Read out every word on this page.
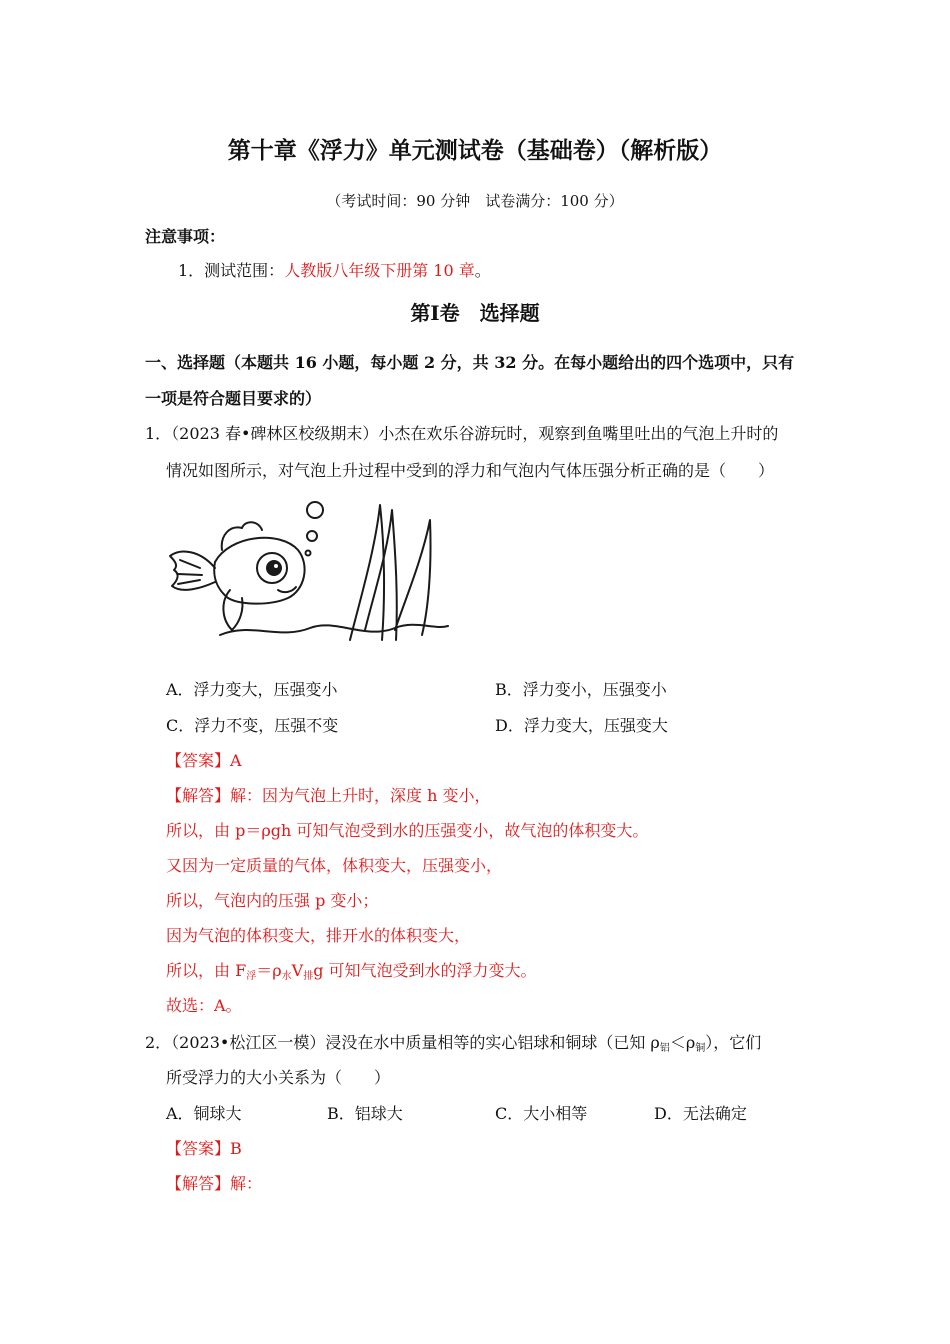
第十章《浮力》单元测试卷（基础卷）（解析版）
（考试时间：90 分钟　试卷满分：100 分）
注意事项：
1．测试范围：人教版八年级下册第 10 章。
第Ⅰ卷　选择题
一、选择题（本题共 16 小题，每小题 2 分，共 32 分。在每小题给出的四个选项中，只有
一项是符合题目要求的）
1．（2023 春•碑林区校级期末）小杰在欢乐谷游玩时，观察到鱼嘴里吐出的气泡上升时的
情况如图所示，对气泡上升过程中受到的浮力和气泡内气体压强分析正确的是（　　）
A．浮力变大，压强变小	B．浮力变小，压强变小
C．浮力不变，压强不变	D．浮力变大，压强变大
【答案】A
【解答】解：因为气泡上升时，深度 h 变小，
所以，由 p＝ρgh 可知气泡受到水的压强变小，故气泡的体积变大。
又因为一定质量的气体，体积变大，压强变小，
所以，气泡内的压强 p 变小；
因为气泡的体积变大，排开水的体积变大，
所以，由 $F_浮=\rho_水V_排g$ 可知气泡受到水的浮力变大。
故选：A。
2．（2023•松江区一模）浸没在水中质量相等的实心铝球和铜球（已知 $\rho_铝<\rho_铜$），它们
所受浮力的大小关系为（　　）
A．铜球大	B．铝球大	C．大小相等	D．无法确定
【答案】B
【解答】解：
